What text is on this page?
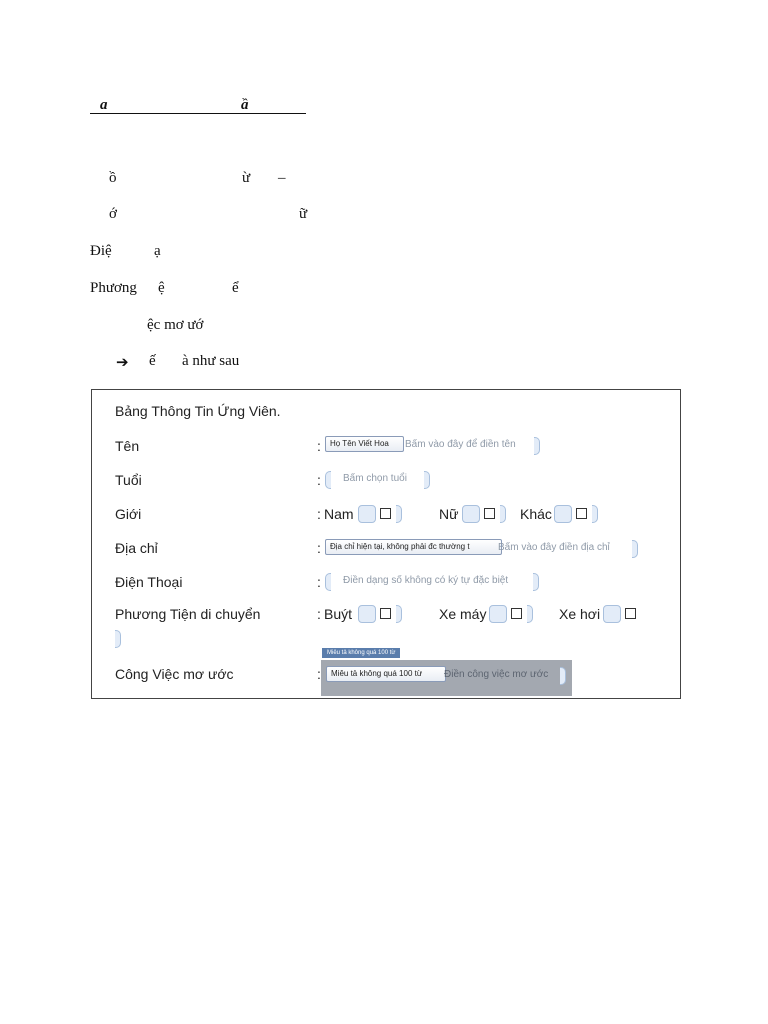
a	ầ
ồ	ừ –
ớ	ữ
Điệ	ạ
Phương ệ	ể
ệc mơ ướ
➔ ế à như sau
Bảng Thông Tin Ứng Viên.
Tên	:	Họ Tên Viết Hoa	Bấm vào đây để điền tên
Tuổi	: Bấm chọn tuổi
Giới	: Nam	Nữ	Khác
Địa chỉ	:	Địa chỉ hiện tại, không phải đc thường t	Bấm vào đây điền địa chỉ
Điện Thoại	: Điền dạng số không có ký tự đặc biệt
Phương Tiện di chuyển	: Buýt	Xe máy	Xe hơi
Miêu tả không quá 100 từ
Công Việc mơ ước	:	Miêu tả không quá 100 từ	Điền công việc mơ ước
